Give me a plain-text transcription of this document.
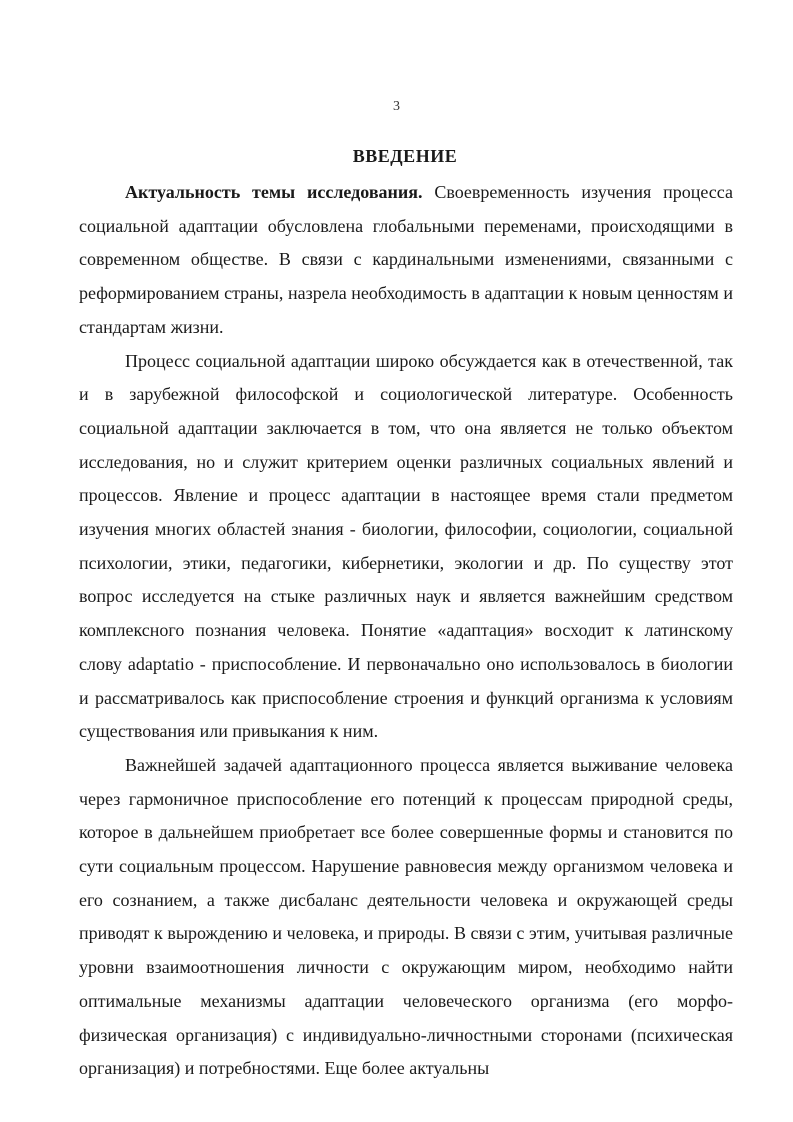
3
ВВЕДЕНИЕ

Актуальность темы исследования. Своевременность изучения процесса социальной адаптации обусловлена глобальными переменами, происходящими в современном обществе. В связи с кардинальными изменениями, связанными с реформированием страны, назрела необходимость в адаптации к новым ценностям и стандартам жизни.

Процесс социальной адаптации широко обсуждается как в отечественной, так и в зарубежной философской и социологической литературе. Особенность социальной адаптации заключается в том, что она является не только объектом исследования, но и служит критерием оценки различных социальных явлений и процессов. Явление и процесс адаптации в настоящее время стали предметом изучения многих областей знания - биологии, философии, социологии, социальной психологии, этики, педагогики, кибернетики, экологии и др. По существу этот вопрос исследуется на стыке различных наук и является важнейшим средством комплексного познания человека. Понятие «адаптация» восходит к латинскому слову adaptatio - приспособление. И первоначально оно использовалось в биологии и рассматривалось как приспособление строения и функций организма к условиям существования или привыкания к ним.

Важнейшей задачей адаптационного процесса является выживание человека через гармоничное приспособление его потенций к процессам природной среды, которое в дальнейшем приобретает все более совершенные формы и становится по сути социальным процессом. Нарушение равновесия между организмом человека и его сознанием, а также дисбаланс деятельности человека и окружающей среды приводят к вырождению и человека, и природы. В связи с этим, учитывая различные уровни взаимоотношения личности с окружающим миром, необходимо найти оптимальные механизмы адаптации человеческого организма (его морфо-физическая организация) с индивидуально-личностными сторонами (психическая организация) и потребностями. Еще более актуальны
